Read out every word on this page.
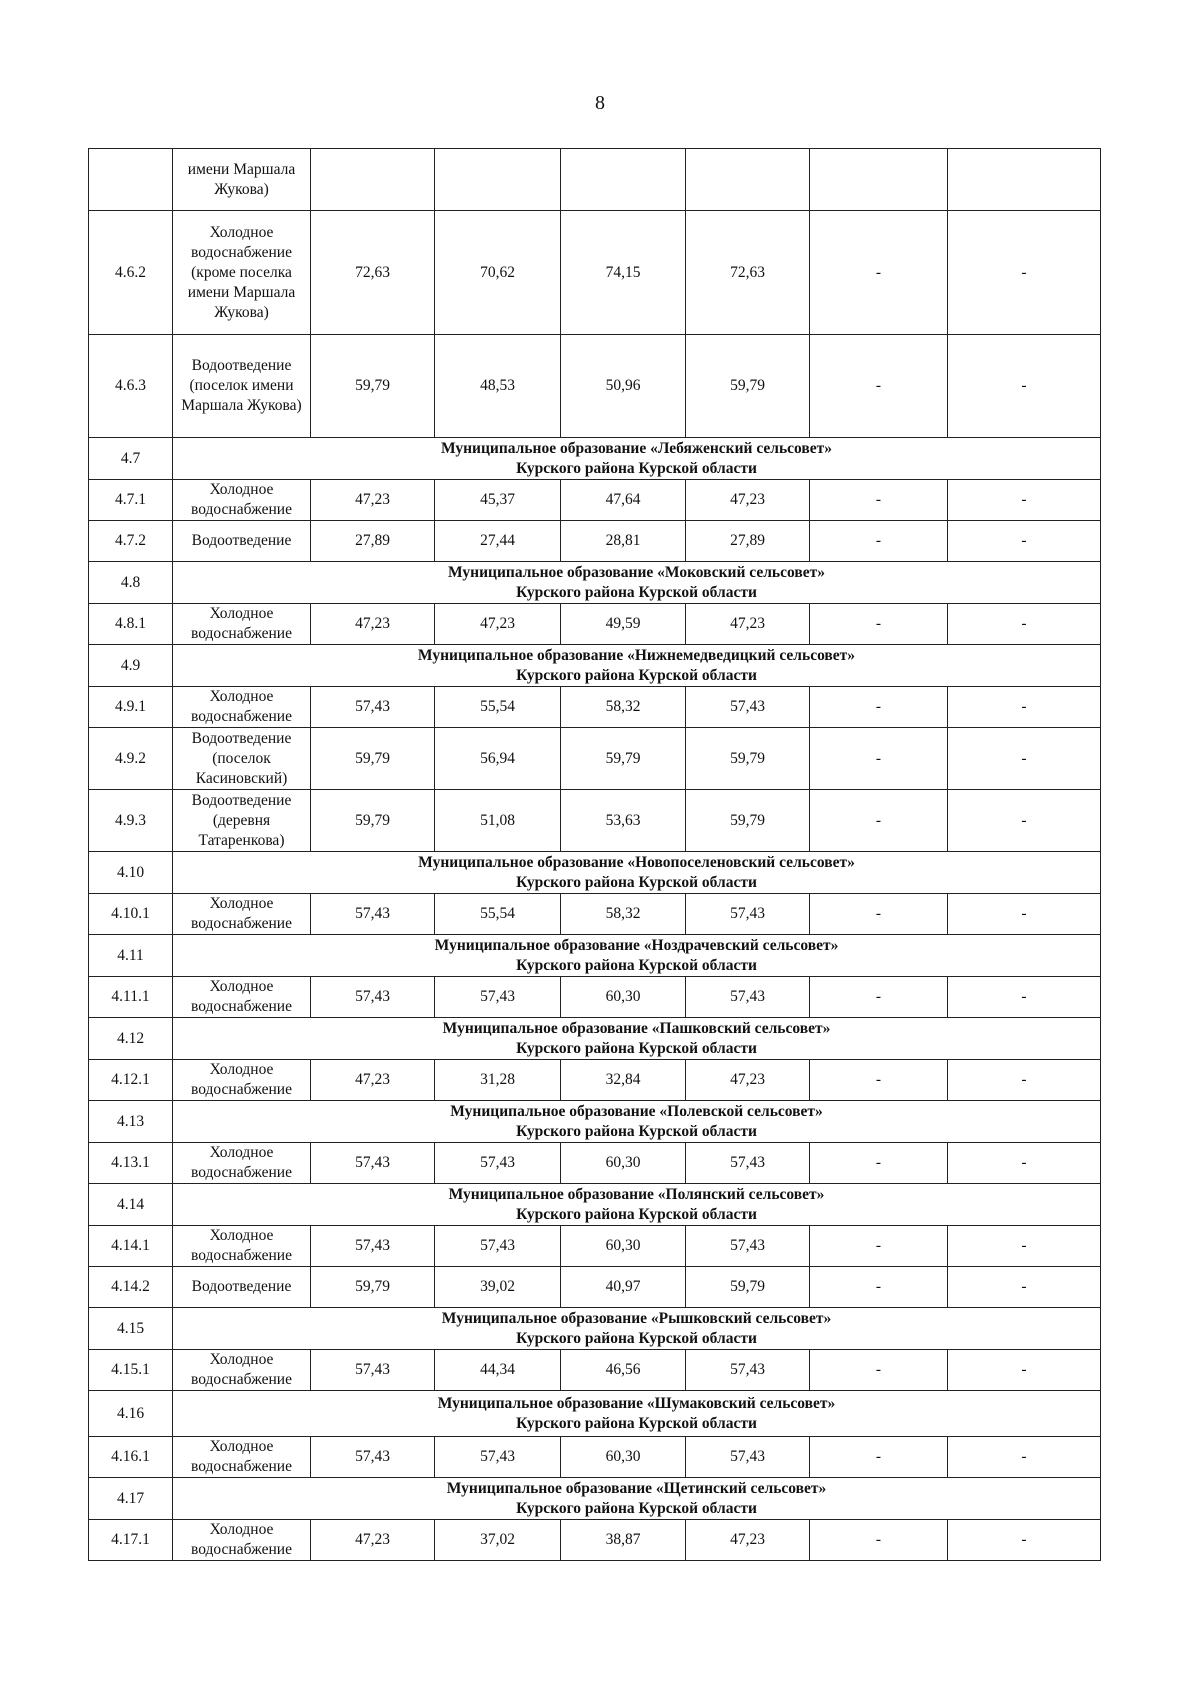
8
	имени Маршала Жукова)						
4.6.2	Холодное водоснабжение (кроме поселка имени Маршала Жукова)	72,63	70,62	74,15	72,63	-	-
4.6.3	Водоотведение (поселок имени Маршала Жукова)	59,79	48,53	50,96	59,79	-	-
4.7	Муниципальное образование «Лебяженский сельсовет»
Курского района Курской области						

4.7.1	Холодное водоснабжение	47,23	45,37	47,64	47,23	-	-
4.7.2	Водоотведение	27,89	27,44	28,81	27,89	-	-
4.8	Муниципальное образование «Моковский сельсовет»
Курского района Курской области						

4.8.1	Холодное водоснабжение	47,23	47,23	49,59	47,23	-	-
4.9	Муниципальное образование «Нижнемедведицкий сельсовет»
Курского района Курской области						

4.9.1	Холодное водоснабжение	57,43	55,54	58,32	57,43	-	-
4.9.2	Водоотведение (поселок Касиновский)	59,79	56,94	59,79	59,79	-	-
4.9.3	Водоотведение (деревня Татаренкова)	59,79	51,08	53,63	59,79	-	-
4.10	Муниципальное образование «Новопоселеновский сельсовет»
Курского района Курской области						

4.10.1	Холодное водоснабжение	57,43	55,54	58,32	57,43	-	-
4.11	Муниципальное образование «Ноздрачевский сельсовет»
Курского района Курской области						

4.11.1	Холодное водоснабжение	57,43	57,43	60,30	57,43	-	-
4.12	Муниципальное образование «Пашковский сельсовет»
Курского района Курской области						

4.12.1	Холодное водоснабжение	47,23	31,28	32,84	47,23	-	-
4.13	Муниципальное образование «Полевской сельсовет»
Курского района Курской области						

4.13.1	Холодное водоснабжение	57,43	57,43	60,30	57,43	-	-
4.14	Муниципальное образование «Полянский сельсовет»
Курского района Курской области						

4.14.1	Холодное водоснабжение	57,43	57,43	60,30	57,43	-	-
4.14.2	Водоотведение	59,79	39,02	40,97	59,79	-	-
4.15	Муниципальное образование «Рышковский сельсовет»
Курского района Курской области						

4.15.1	Холодное водоснабжение	57,43	44,34	46,56	57,43	-	-
4.16	Муниципальное образование «Шумаковский сельсовет»
Курского района Курской области						

4.16.1	Холодное водоснабжение	57,43	57,43	60,30	57,43	-	-
4.17	Муниципальное образование «Щетинский сельсовет»
Курского района Курской области						

4.17.1	Холодное водоснабжение	47,23	37,02	38,87	47,23	-	-
